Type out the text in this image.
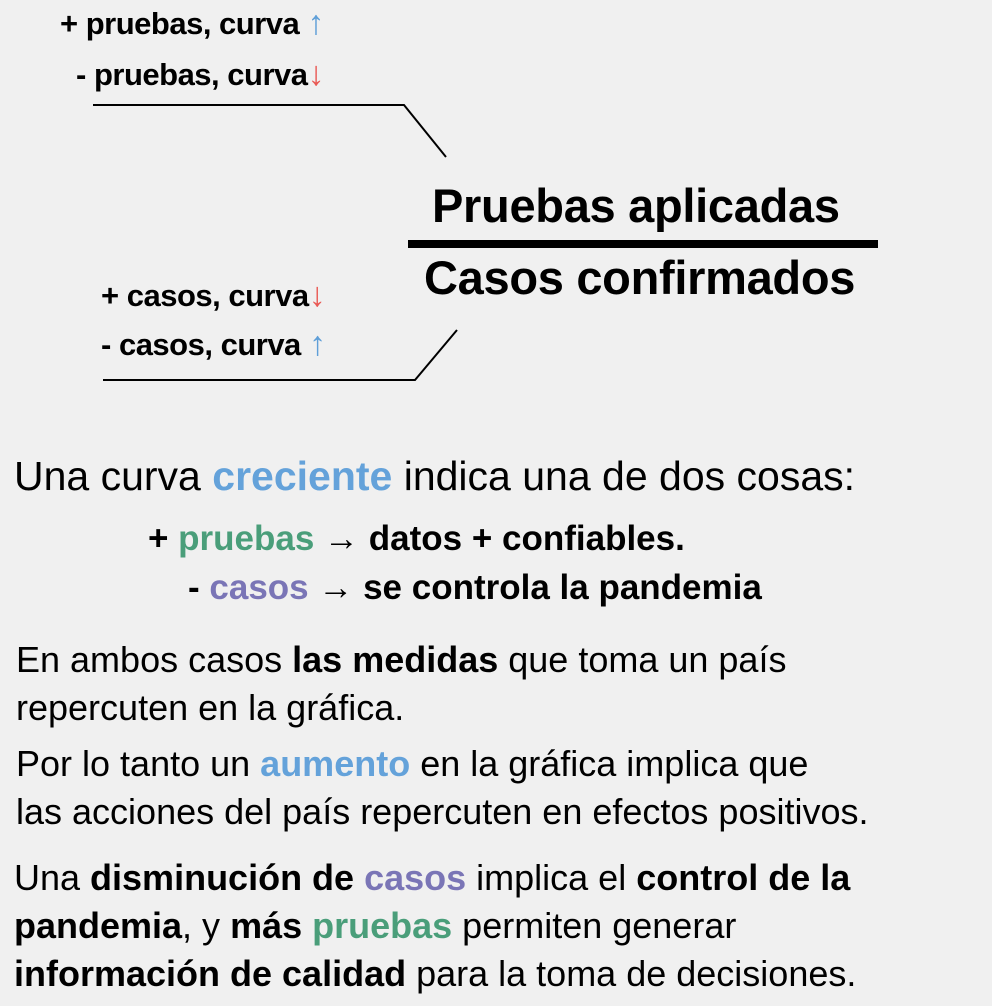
+ pruebas, curva ↑
- pruebas, curva↓
Pruebas aplicadas
Casos confirmados
+ casos, curva↓
- casos, curva ↑
Una curva creciente indica una de dos cosas:
+ pruebas → datos + confiables.
- casos → se controla la pandemia
En ambos casos las medidas que toma un país
repercuten en la gráfica.
Por lo tanto un aumento en la gráfica implica que
las acciones del país repercuten en efectos positivos.
Una disminución de casos implica el control de la
pandemia, y más pruebas permiten generar
información de calidad para la toma de decisiones.
